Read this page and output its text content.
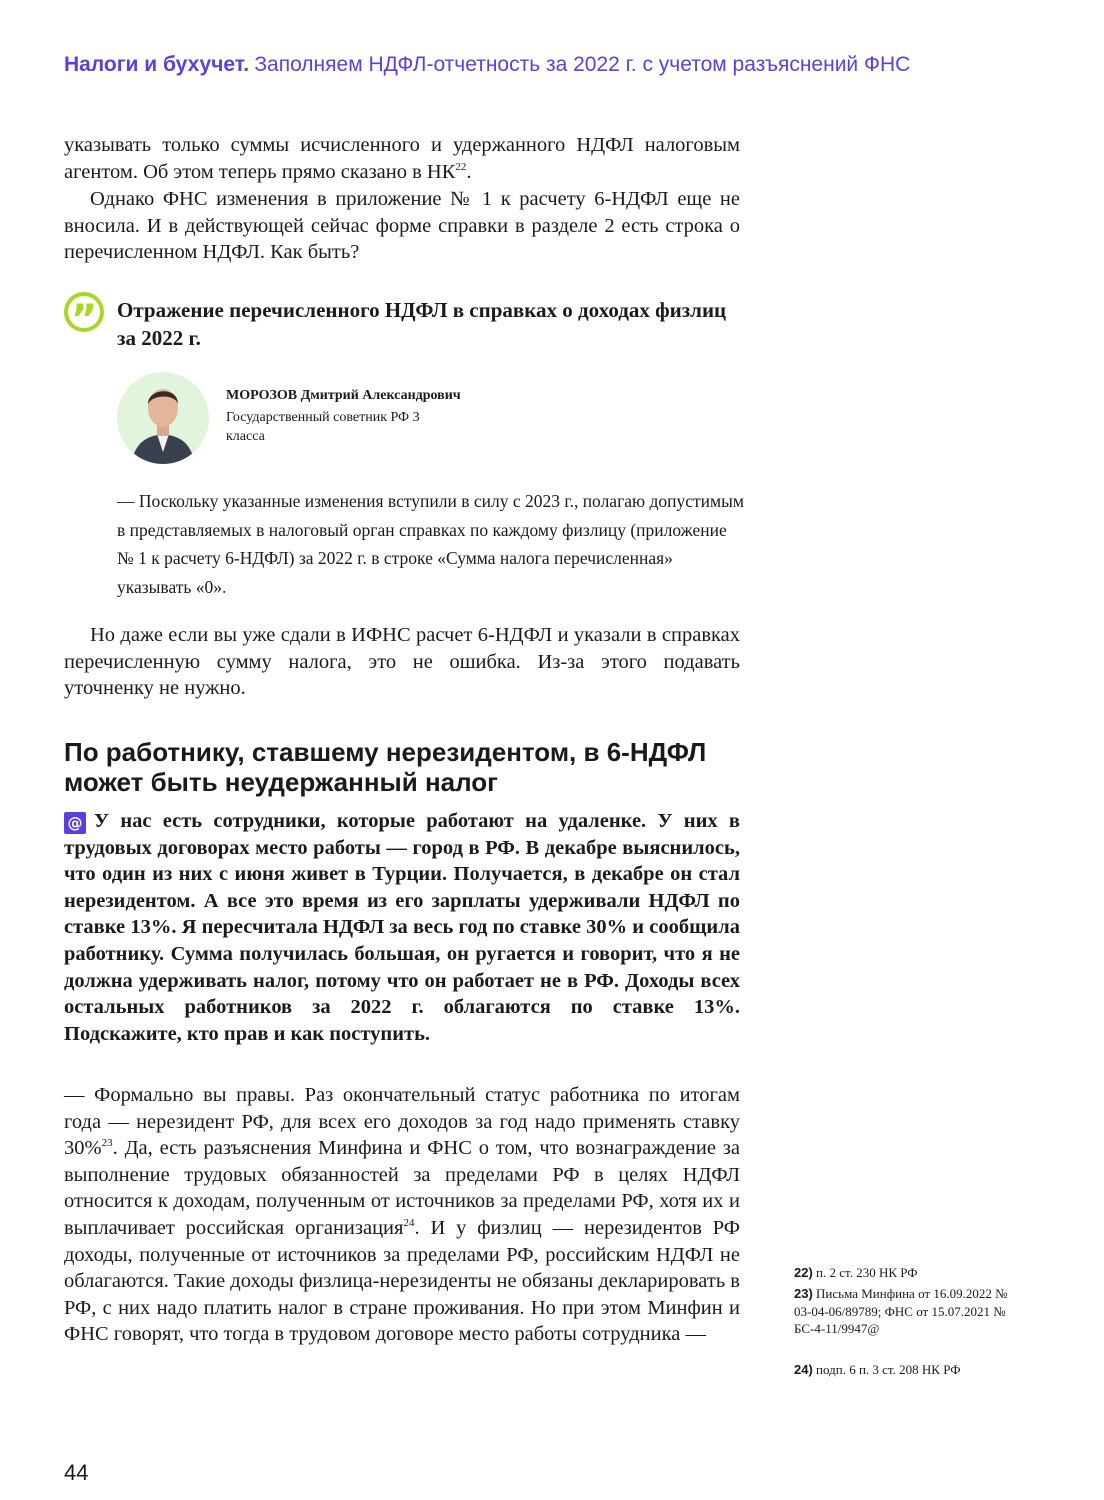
Налоги и бухучет. Заполняем НДФЛ-отчетность за 2022 г. с учетом разъяснений ФНС
указывать только суммы исчисленного и удержанного НДФЛ налоговым агентом. Об этом теперь прямо сказано в НК$^{22}$.
Однако ФНС изменения в приложение № 1 к расчету 6-НДФЛ еще не вносила. И в действующей сейчас форме справки в разделе 2 есть строка о перечисленном НДФЛ. Как быть?
” Отражение перечисленного НДФЛ в справках о доходах физлиц за 2022 г.
МОРОЗОВ Дмитрий Александрович
Государственный советник РФ 3 класса
— Поскольку указанные изменения вступили в силу с 2023 г., полагаю допустимым в представляемых в налоговый орган справках по каждому физлицу (приложение № 1 к расчету 6-НДФЛ) за 2022 г. в строке «Сумма налога перечисленная» указывать «0».
Но даже если вы уже сдали в ИФНС расчет 6-НДФЛ и указали в справках перечисленную сумму налога, это не ошибка. Из-за этого подавать уточненку не нужно.
По работнику, ставшему нерезидентом, в 6-НДФЛ может быть неудержанный налог
У нас есть сотрудники, которые работают на удаленке. У них в трудовых договорах место работы — город в РФ. В декабре выяснилось, что один из них с июня живет в Турции. Получается, в декабре он стал нерезидентом. А все это время из его зарплаты удерживали НДФЛ по ставке 13%. Я пересчитала НДФЛ за весь год по ставке 30% и сообщила работнику. Сумма получилась большая, он ругается и говорит, что я не должна удерживать налог, потому что он работает не в РФ. Доходы всех остальных работников за 2022 г. облагаются по ставке 13%. Подскажите, кто прав и как поступить.
@
— Формально вы правы. Раз окончательный статус работника по итогам года — нерезидент РФ, для всех его доходов за год надо применять ставку 30%$^{23}$. Да, есть разъяснения Минфина и ФНС о том, что вознаграждение за выполнение трудовых обязанностей за пределами РФ в целях НДФЛ относится к доходам, полученным от источников за пределами РФ, хотя их и выплачивает российская организация$^{24}$. И у физлиц — нерезидентов РФ доходы, полученные от источников за пределами РФ, российским НДФЛ не облагаются. Такие доходы физлица-нерезиденты не обязаны декларировать в РФ, с них надо платить налог в стране проживания. Но при этом Минфин и ФНС говорят, что тогда в трудовом договоре место работы сотрудника —
22) п. 2 ст. 230 НК РФ
23) Письма Минфина от 16.09.2022 № 03-04-06/89789; ФНС от 15.07.2021 № БС-4-11/9947@
24) подп. 6 п. 3 ст. 208 НК РФ
44
